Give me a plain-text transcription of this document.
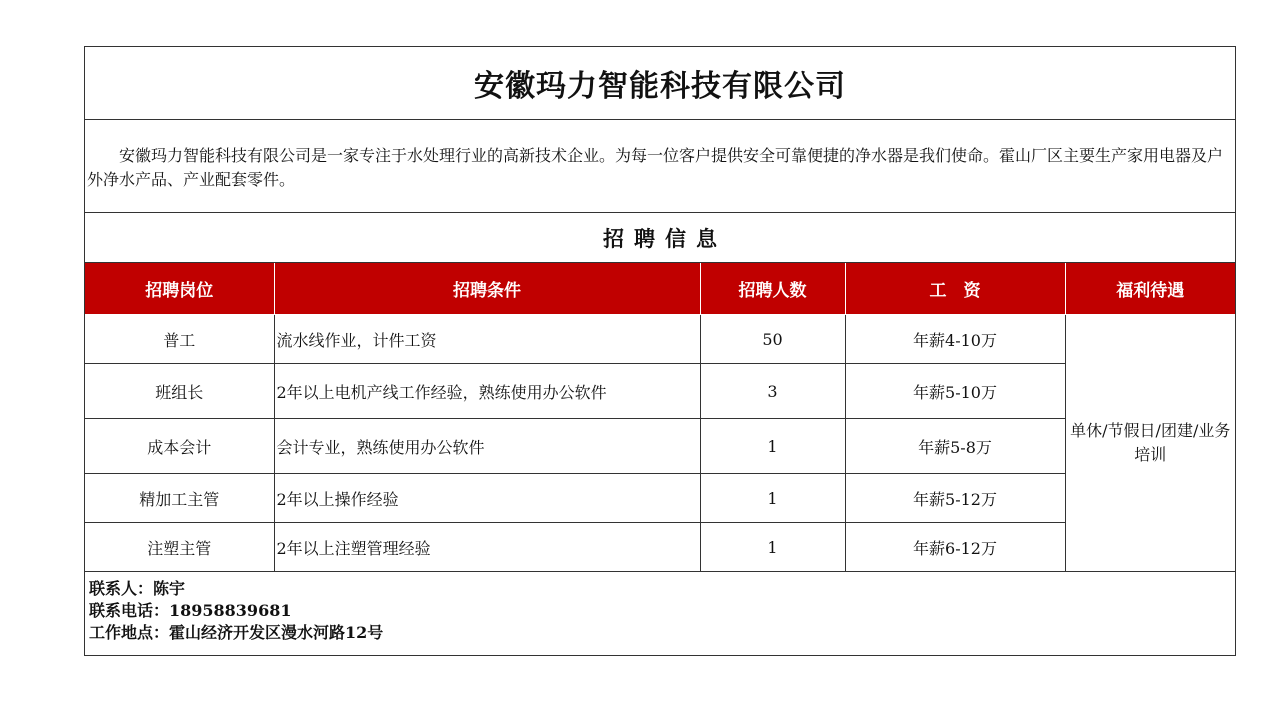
安徽玛力智能科技有限公司
安徽玛力智能科技有限公司是一家专注于水处理行业的高新技术企业。为每一位客户提供安全可靠便捷的净水器是我们使命。霍山厂区主要生产家用电器及户外净水产品、产业配套零件。
招聘信息
招聘岗位	招聘条件	招聘人数	工　资	福利待遇
普工	流水线作业，计件工资	50	年薪4-10万	单休/节假日/团建/业务培训
班组长	2年以上电机产线工作经验，熟练使用办公软件	3	年薪5-10万	
成本会计	会计专业，熟练使用办公软件	1	年薪5-8万	
精加工主管	2年以上操作经验	1	年薪5-12万	
注塑主管	2年以上注塑管理经验	1	年薪6-12万	
联系人：陈宇
联系电话：18958839681
工作地点：霍山经济开发区漫水河路12号
